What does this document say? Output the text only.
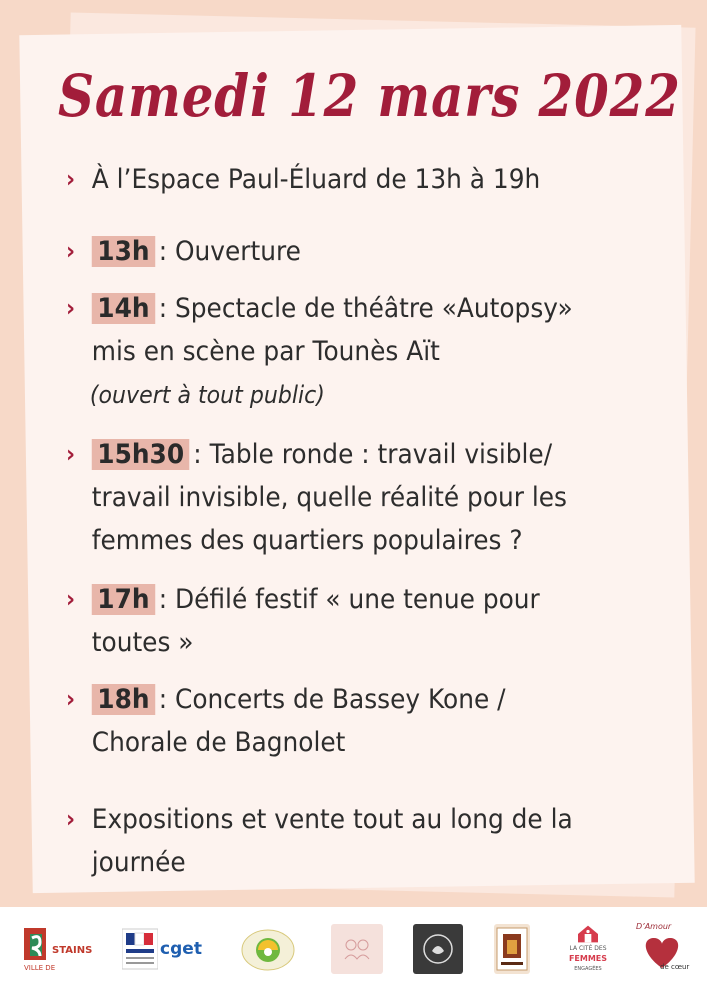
Samedi 12 mars 2022
› À l’Espace Paul-Éluard de 13h à 19h
› 13h : Ouverture
› 14h : Spectacle de théâtre «Autopsy»
mis en scène par Tounès Aït
(ouvert à tout public)
› 15h30 : Table ronde : travail visible/
travail invisible, quelle réalité pour les
femmes des quartiers populaires ?
› 17h : Défilé festif « une tenue pour
toutes »
› 18h : Concerts de Bassey Kone /
Chorale de Bagnolet
› Expositions et vente tout au long de la
journée
STAINS
VILLE DE
cget	LA CITÉ DES
FEMMES
ENGAGÉES
D’Amour
de cœur
